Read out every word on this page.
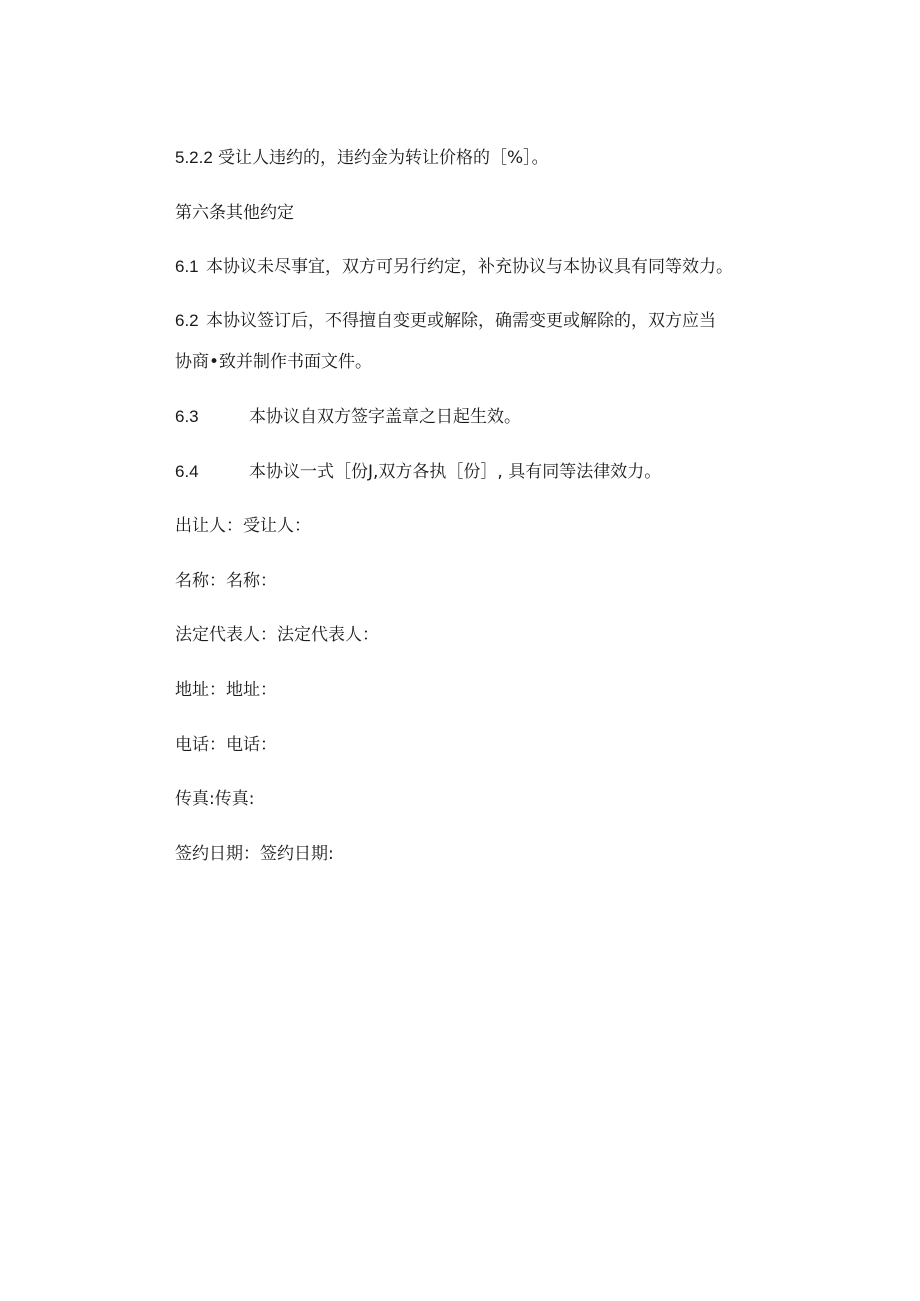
5.2.2 受让人违约的，违约金为转让价格的［%］。
第六条其他约定
6.1 本协议未尽事宜，双方可另行约定，补充协议与本协议具有同等效力。
6.2 本协议签订后，不得擅自变更或解除，确需变更或解除的，双方应当
协商•致并制作书面文件。
6.3	本协议自双方签字盖章之日起生效。
6.4	本协议一式［份J,双方各执［份］, 具有同等法律效力。
出让人：受让人：
名称：名称：
法定代表人：法定代表人：
地址：地址：
电话：电话：
传真:传真:
签约日期：签约日期:
